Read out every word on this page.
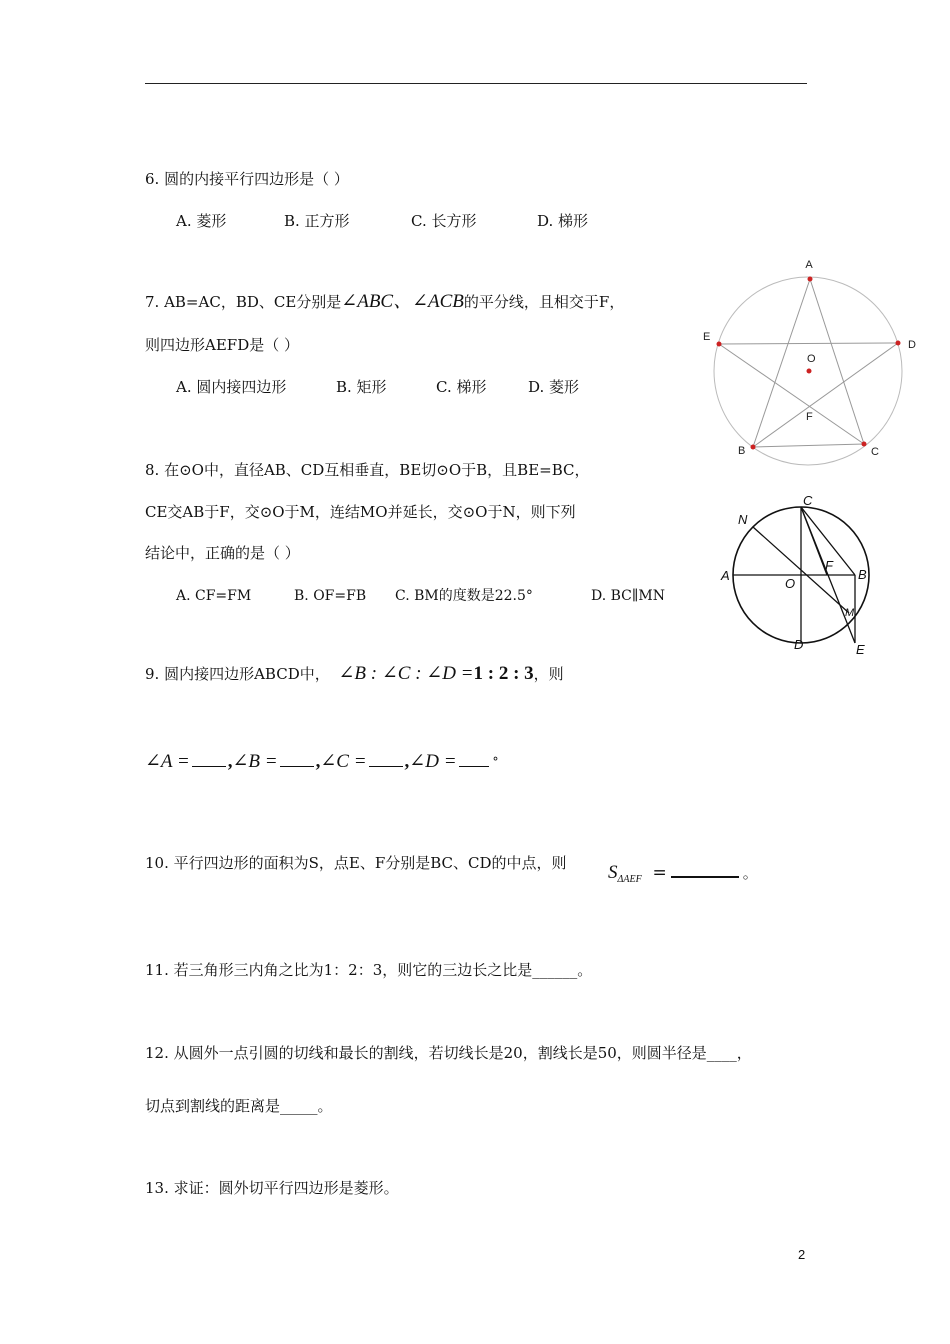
6. 圆的内接平行四边形是（ ）
A. 菱形	B. 正方形	C. 长方形	D. 梯形
7. AB=AC，BD、CE分别是∠ABC、∠ACB的平分线，且相交于F，
则四边形AEFD是（ ）
A. 圆内接四边形	B. 矩形	C. 梯形	D. 菱形
A
D
E
O
F
B	C
8. 在⊙O中，直径AB、CD互相垂直，BE切⊙O于B，且BE=BC，
CE交AB于F，交⊙O于M，连结MO并延长，交⊙O于N，则下列
结论中，正确的是（ ）
A. CF=FM	B. OF=FB C. BM的度数是22.5°	D. BC∥MN
C
N
A
O
F
B
M
D	E
9. 圆内接四边形ABCD中， ∠B : ∠C : ∠D =1 : 2 : 3，则
∠A = ,∠B = ,∠C = ,∠D =	°
10. 平行四边形的面积为S，点E、F分别是BC、CD的中点，则 $S_{\Delta AEF}$ =	。
11. 若三角形三内角之比为1：2：3，则它的三边长之比是______。
12. 从圆外一点引圆的切线和最长的割线，若切线长是20，割线长是50，则圆半径是____，
切点到割线的距离是_____。
13. 求证：圆外切平行四边形是菱形。
2
